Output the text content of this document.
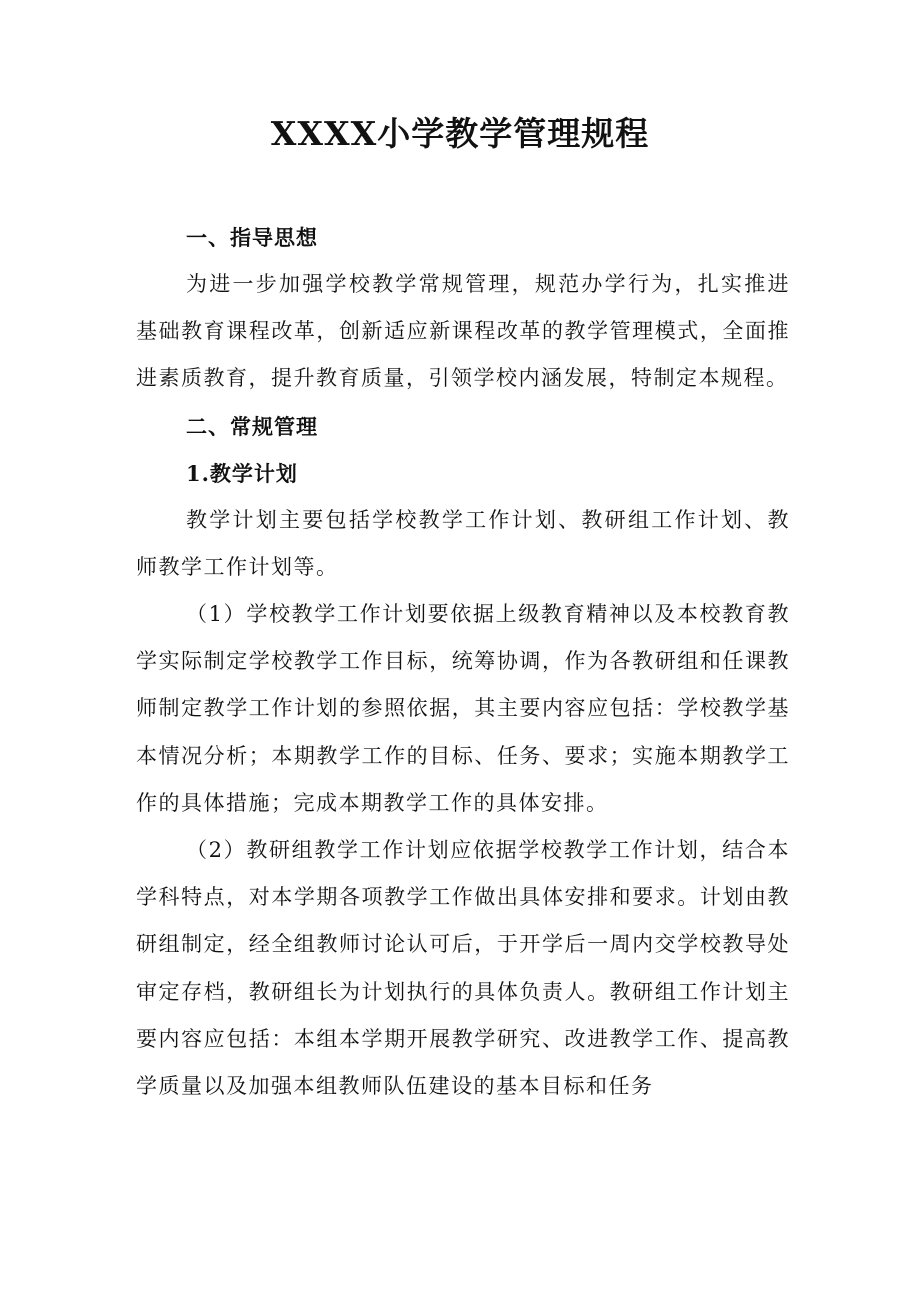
XXXX小学教学管理规程

一、指导思想

为进一步加强学校教学常规管理，规范办学行为，扎实推进基础教育课程改革，创新适应新课程改革的教学管理模式，全面推进素质教育，提升教育质量，引领学校内涵发展，特制定本规程。

二、常规管理

1.教学计划

教学计划主要包括学校教学工作计划、教研组工作计划、教师教学工作计划等。

（1）学校教学工作计划要依据上级教育精神以及本校教育教学实际制定学校教学工作目标，统筹协调，作为各教研组和任课教师制定教学工作计划的参照依据，其主要内容应包括：学校教学基本情况分析；本期教学工作的目标、任务、要求；实施本期教学工作的具体措施；完成本期教学工作的具体安排。

（2）教研组教学工作计划应依据学校教学工作计划，结合本学科特点，对本学期各项教学工作做出具体安排和要求。计划由教研组制定，经全组教师讨论认可后，于开学后一周内交学校教导处审定存档，教研组长为计划执行的具体负责人。教研组工作计划主要内容应包括：本组本学期开展教学研究、改进教学工作、提高教学质量以及加强本组教师队伍建设的基本目标和任务
